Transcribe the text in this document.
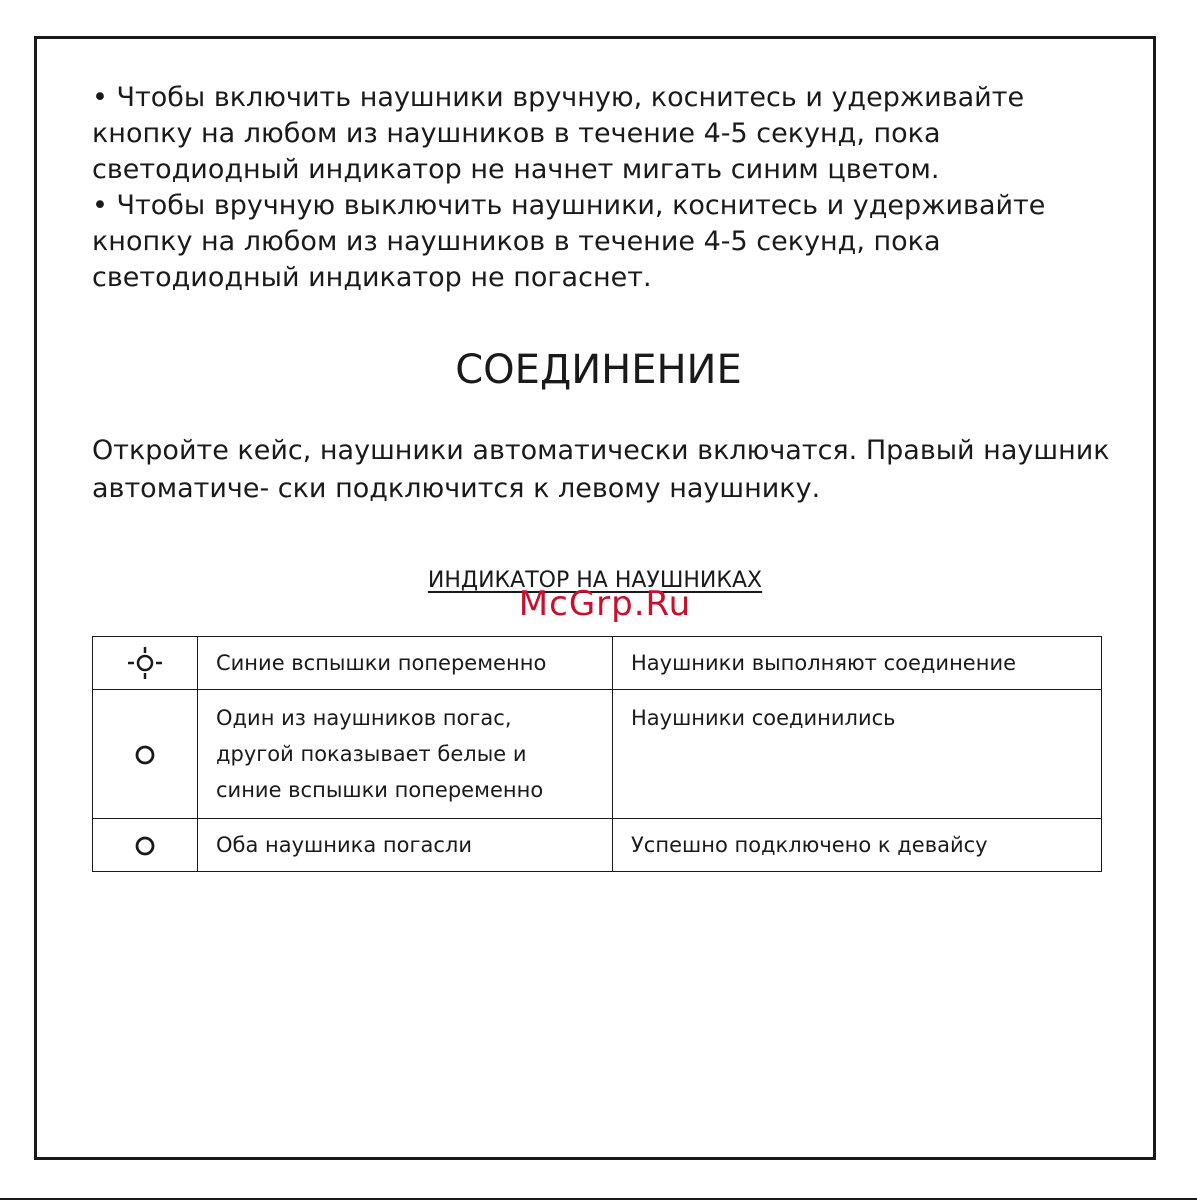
• Чтобы включить наушники вручную, коснитесь и удерживайте кнопку на любом из наушников в течение 4-5 секунд, пока светодиодный индикатор не начнет мигать синим цветом.

• Чтобы вручную выключить наушники, коснитесь и удерживайте кнопку на любом из наушников в течение 4-5 секунд, пока светодиодный индикатор не погаснет.

СОЕДИНЕНИЕ

Откройте кейс, наушники автоматически включатся. Правый наушник автоматиче- ски подключится к левому наушнику.

ИНДИКАТОР НА НАУШНИКАХ
McGrp.Ru

Синие вспышки попеременно	Наушники выполняют соединение

Один из наушников погас, другой показывает белые и синие вспышки попеременно	Наушники соединились

Оба наушника погасли	Успешно подключено к девайсу
